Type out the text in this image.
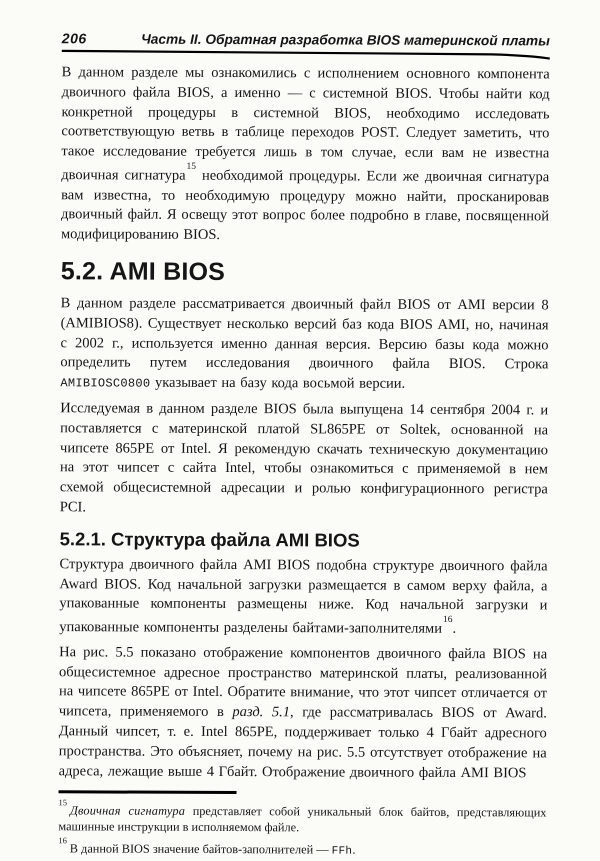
206	Часть II. Обратная разработка BIOS материнской платы

В данном разделе мы ознакомились с исполнением основного компонента двоичного файла BIOS, а именно — с системной BIOS. Чтобы найти код конкретной процедуры в системной BIOS, необходимо исследовать соответствующую ветвь в таблице переходов POST. Следует заметить, что такое исследование требуется лишь в том случае, если вам не известна двоичная сигнатура$^{15}$ необходимой процедуры. Если же двоичная сигнатура вам известна, то необходимую процедуру можно найти, просканировав двоичный файл. Я освещу этот вопрос более подробно в главе, посвященной модифицированию BIOS.

5.2. AMI BIOS

В данном разделе рассматривается двоичный файл BIOS от AMI версии 8 (AMIBIOS8). Существует несколько версий баз кода BIOS AMI, но, начиная с 2002 г., используется именно данная версия. Версию базы кода можно определить путем исследования двоичного файла BIOS. Строка AMIBIOSC0800 указывает на базу кода восьмой версии.

Исследуемая в данном разделе BIOS была выпущена 14 сентября 2004 г. и поставляется с материнской платой SL865PE от Soltek, основанной на чипсете 865PE от Intel. Я рекомендую скачать техническую документацию на этот чипсет с сайта Intel, чтобы ознакомиться с применяемой в нем схемой общесистемной адресации и ролью конфигурационного регистра PCI.

5.2.1. Структура файла AMI BIOS

Структура двоичного файла AMI BIOS подобна структуре двоичного файла Award BIOS. Код начальной загрузки размещается в самом верху файла, а упакованные компоненты размещены ниже. Код начальной загрузки и упакованные компоненты разделены байтами-заполнителями$^{16}$.

На рис. 5.5 показано отображение компонентов двоичного файла BIOS на общесистемное адресное пространство материнской платы, реализованной на чипсете 865PE от Intel. Обратите внимание, что этот чипсет отличается от чипсета, применяемого в разд. 5.1, где рассматривалась BIOS от Award. Данный чипсет, т. е. Intel 865PE, поддерживает только 4 Гбайт адресного пространства. Это объясняет, почему на рис. 5.5 отсутствует отображение на адреса, лежащие выше 4 Гбайт. Отображение двоичного файла AMI BIOS

$^{15}$Двоичная сигнатура представляет собой уникальный блок байтов, представляющих машинные инструкции в исполняемом файле.

$^{16}$В данной BIOS значение байтов-заполнителей — FFh.
